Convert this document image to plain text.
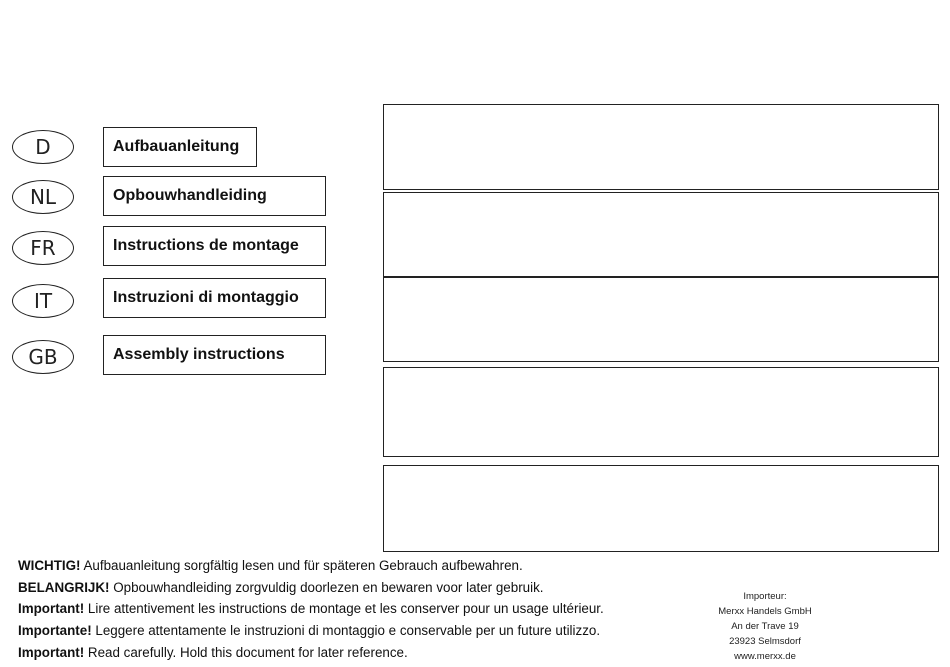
D
NL
FR
IT
GB
Aufbauanleitung
Opbouwhandleiding
Instructions de montage
Instruzioni di montaggio
Assembly instructions
WICHTIG! Aufbauanleitung sorgfältig lesen und für späteren Gebrauch aufbewahren.
BELANGRIJK! Opbouwhandleiding zorgvuldig doorlezen en bewaren voor later gebruik.
Important! Lire attentivement les instructions de montage et les conserver pour un usage ultérieur.
Importante! Leggere attentamente le instruzioni di montaggio e conservable per un future utilizzo.
Important! Read carefully. Hold this document for later reference.
Importeur:
Merxx Handels GmbH
An der Trave 19
23923 Selmsdorf
www.merxx.de
